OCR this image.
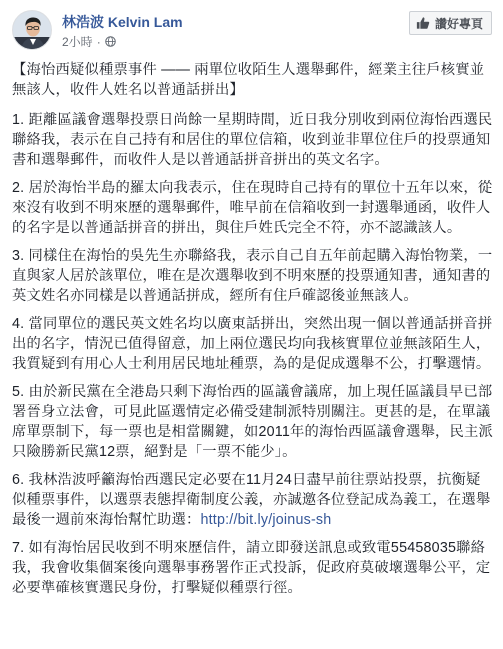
林浩波 Kelvin Lam
2小時 ·
讚好專頁

【海怡西疑似種票事件 —— 兩單位收陌生人選舉郵件，經業主往戶核實並無該人，收件人姓名以普通話拼出】

1. 距離區議會選舉投票日尚餘一星期時間，近日我分別收到兩位海怡西選民聯絡我，表示在自己持有和居住的單位信箱，收到並非單位住戶的投票通知書和選舉郵件，而收件人是以普通話拼音拼出的英文名字。

2. 居於海怡半島的羅太向我表示，住在現時自己持有的單位十五年以來，從來沒有收到不明來歷的選舉郵件，唯早前在信箱收到一封選舉通函，收件人的名字是以普通話拼音的拼出，與住戶姓氏完全不符，亦不認識該人。

3. 同樣住在海怡的吳先生亦聯絡我，表示自己自五年前起購入海怡物業，一直與家人居於該單位，唯在是次選舉收到不明來歷的投票通知書，通知書的英文姓名亦同樣是以普通話拼成，經所有住戶確認後並無該人。

4. 當同單位的選民英文姓名均以廣東話拼出，突然出現一個以普通話拼音拼出的名字，情況已值得留意，加上兩位選民均向我核實單位並無該陌生人，我質疑到有用心人士利用居民地址種票，為的是促成選舉不公，打擊選情。

5. 由於新民黨在全港島只剩下海怡西的區議會議席，加上現任區議員早已部署晉身立法會，可見此區選情定必備受建制派特別關注。更甚的是，在單議席單票制下，每一票也是相當關鍵，如2011年的海怡西區議會選舉，民主派只險勝新民黨12票，絕對是「一票不能少」。

6. 我林浩波呼籲海怡西選民定必要在11月24日盡早前往票站投票，抗衡疑似種票事件，以選票表態捍衛制度公義，亦誠邀各位登記成為義工，在選舉最後一週前來海怡幫忙助選：http://bit.ly/joinus-sh

7. 如有海怡居民收到不明來歷信件，請立即發送訊息或致電55458035聯絡我，我會收集個案後向選舉事務署作正式投訴，促政府莫破壞選舉公平，定必要準確核實選民身份，打擊疑似種票行徑。
